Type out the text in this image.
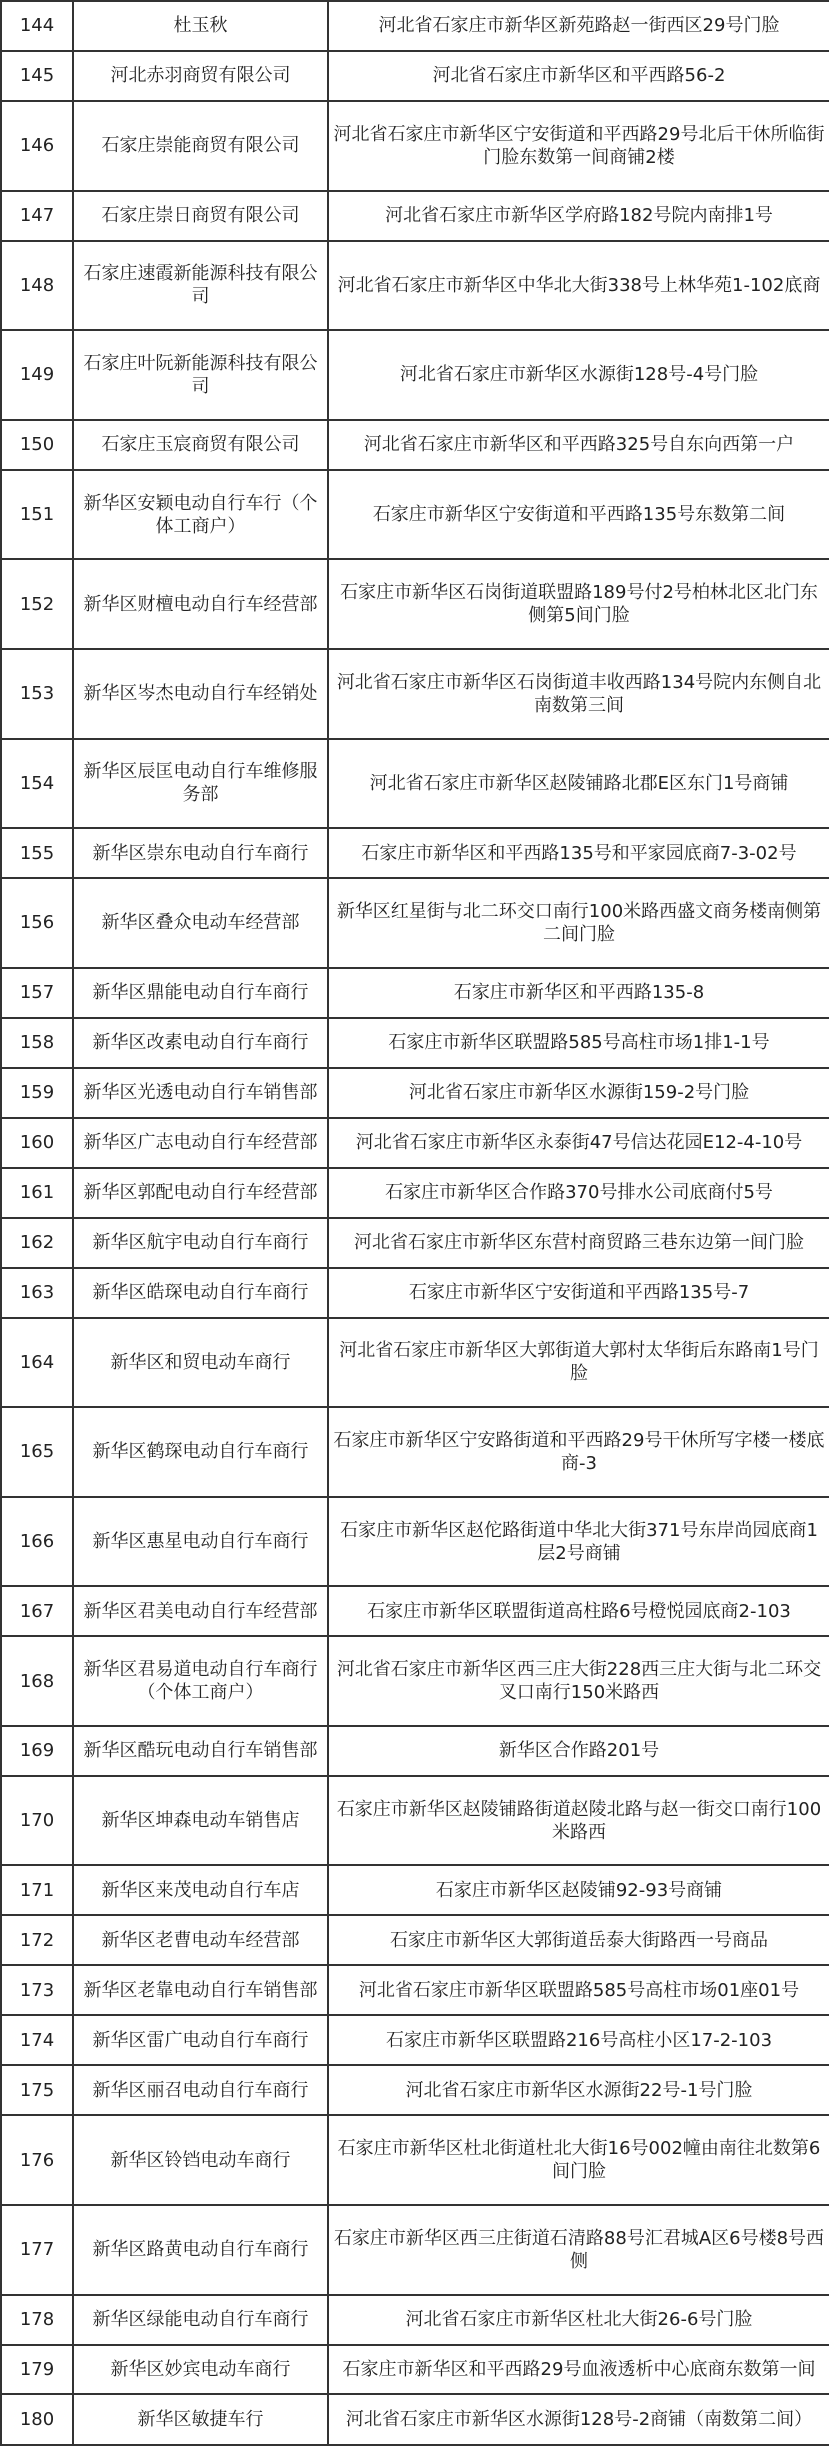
144	杜玉秋	河北省石家庄市新华区新苑路赵一街西区29号门脸
145	河北赤羽商贸有限公司	河北省石家庄市新华区和平西路56-2
146	石家庄崇能商贸有限公司	河北省石家庄市新华区宁安街道和平西路29号北后干休所临街门脸东数第一间商铺2楼
147	石家庄崇日商贸有限公司	河北省石家庄市新华区学府路182号院内南排1号
148	石家庄速霞新能源科技有限公司	河北省石家庄市新华区中华北大街338号上林华苑1-102底商
149	石家庄叶阮新能源科技有限公司	河北省石家庄市新华区水源街128号-4号门脸
150	石家庄玉宸商贸有限公司	河北省石家庄市新华区和平西路325号自东向西第一户
151	新华区安颖电动自行车行（个体工商户）	石家庄市新华区宁安街道和平西路135号东数第二间
152	新华区财檀电动自行车经营部	石家庄市新华区石岗街道联盟路189号付2号柏林北区北门东侧第5间门脸
153	新华区岑杰电动自行车经销处	河北省石家庄市新华区石岗街道丰收西路134号院内东侧自北南数第三间
154	新华区辰匡电动自行车维修服务部	河北省石家庄市新华区赵陵铺路北郡E区东门1号商铺
155	新华区崇东电动自行车商行	石家庄市新华区和平西路135号和平家园底商7-3-02号
156	新华区叠众电动车经营部	新华区红星街与北二环交口南行100米路西盛文商务楼南侧第二间门脸
157	新华区鼎能电动自行车商行	石家庄市新华区和平西路135-8
158	新华区改素电动自行车商行	石家庄市新华区联盟路585号高柱市场1排1-1号
159	新华区光透电动自行车销售部	河北省石家庄市新华区水源街159-2号门脸
160	新华区广志电动自行车经营部	河北省石家庄市新华区永泰街47号信达花园E12-4-10号
161	新华区郭配电动自行车经营部	石家庄市新华区合作路370号排水公司底商付5号
162	新华区航宇电动自行车商行	河北省石家庄市新华区东营村商贸路三巷东边第一间门脸
163	新华区皓琛电动自行车商行	石家庄市新华区宁安街道和平西路135号-7
164	新华区和贸电动车商行	河北省石家庄市新华区大郭街道大郭村太华街后东路南1号门脸
165	新华区鹤琛电动自行车商行	石家庄市新华区宁安路街道和平西路29号干休所写字楼一楼底商-3
166	新华区惠星电动自行车商行	石家庄市新华区赵佗路街道中华北大街371号东岸尚园底商1层2号商铺
167	新华区君美电动自行车经营部	石家庄市新华区联盟街道高柱路6号橙悦园底商2-103
168	新华区君易道电动自行车商行（个体工商户）	河北省石家庄市新华区西三庄大街228西三庄大街与北二环交叉口南行150米路西
169	新华区酷玩电动自行车销售部	新华区合作路201号
170	新华区坤森电动车销售店	石家庄市新华区赵陵铺路街道赵陵北路与赵一街交口南行100米路西
171	新华区来茂电动自行车店	石家庄市新华区赵陵铺92-93号商铺
172	新华区老曹电动车经营部	石家庄市新华区大郭街道岳泰大街路西一号商品
173	新华区老靠电动自行车销售部	河北省石家庄市新华区联盟路585号高柱市场01座01号
174	新华区雷广电动自行车商行	石家庄市新华区联盟路216号高柱小区17-2-103
175	新华区丽召电动自行车商行	河北省石家庄市新华区水源街22号-1号门脸
176	新华区铃铛电动车商行	石家庄市新华区杜北街道杜北大街16号002幢由南往北数第6间门脸
177	新华区路黄电动自行车商行	石家庄市新华区西三庄街道石清路88号汇君城A区6号楼8号西侧
178	新华区绿能电动自行车商行	河北省石家庄市新华区杜北大街26-6号门脸
179	新华区妙宾电动车商行	石家庄市新华区和平西路29号血液透析中心底商东数第一间
180	新华区敏捷车行	河北省石家庄市新华区水源街128号-2商铺（南数第二间）
